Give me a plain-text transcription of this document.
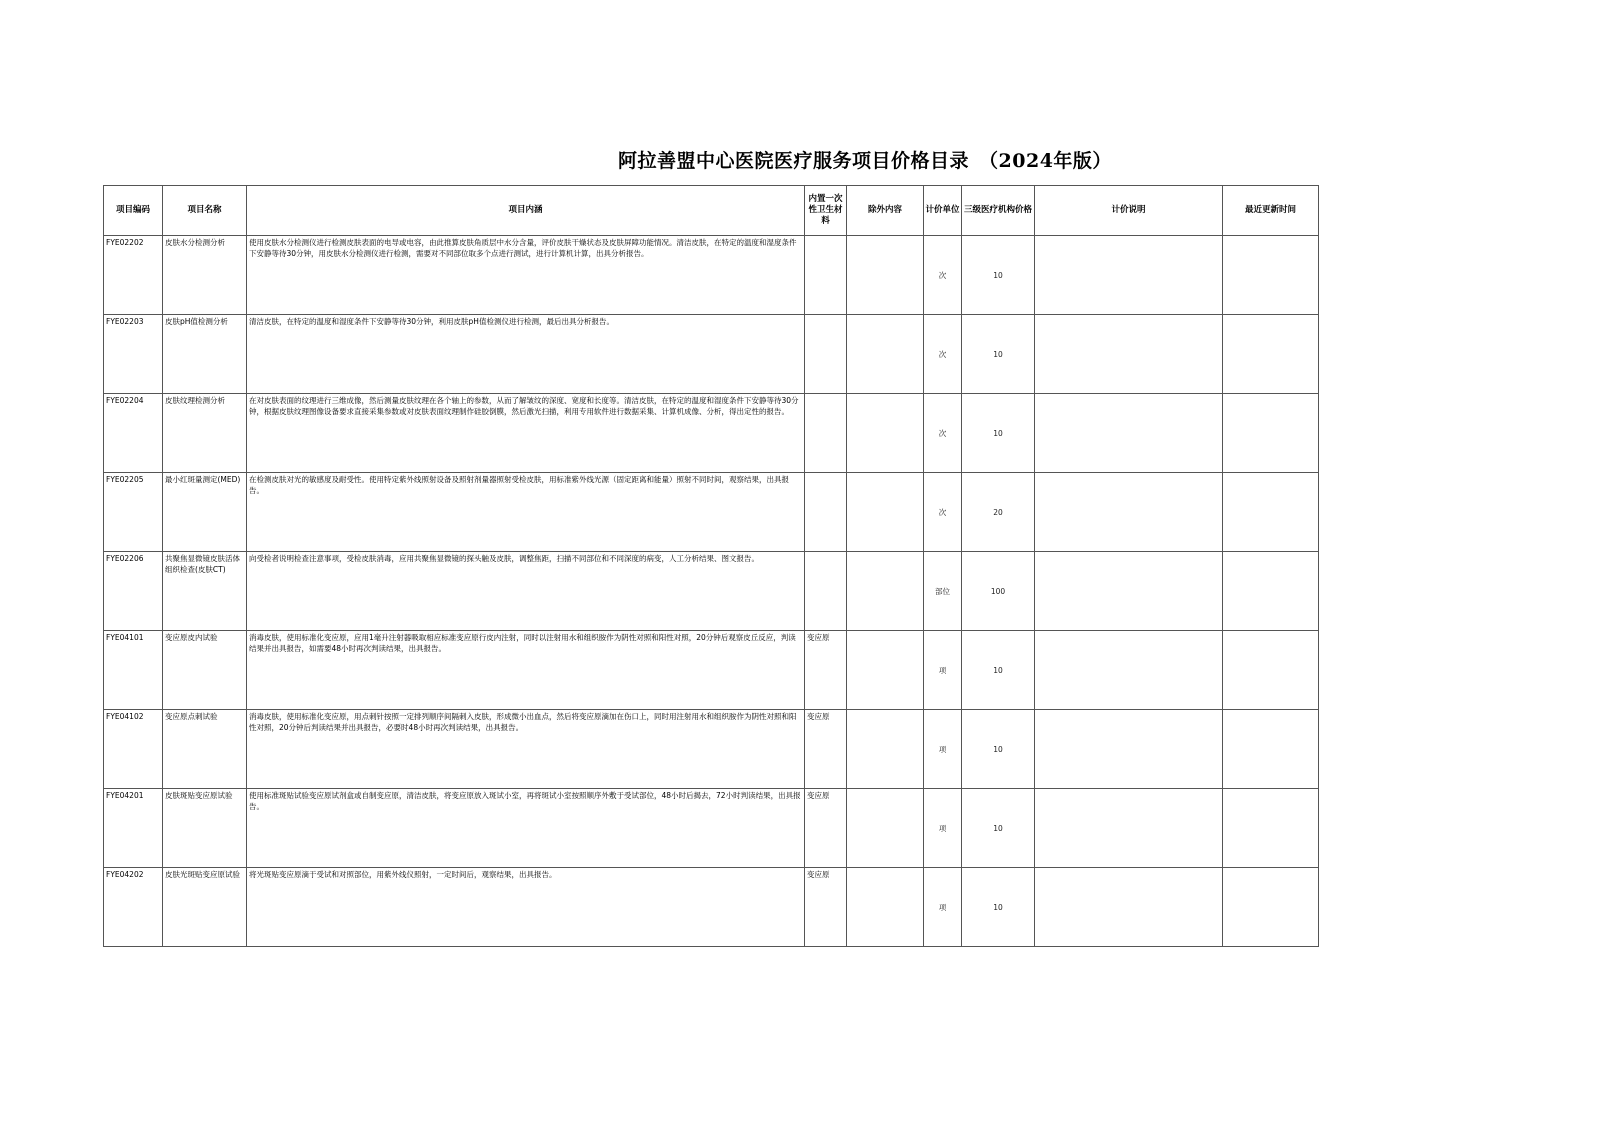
阿拉善盟中心医院医疗服务项目价格目录　（2024年版）
项目编码	项目名称	项目内涵	内置一次性卫生材料	除外内容	计价单位	三级医疗机构价格	计价说明	最近更新时间
FYE02202	皮肤水分检测分析	使用皮肤水分检测仪进行检测皮肤表面的电导或电容，由此推算皮肤角质层中水分含量，评价皮肤干燥状态及皮肤屏障功能情况。清洁皮肤，在特定的温度和湿度条件下安静等待30分钟，用皮肤水分检测仪进行检测，需要对不同部位取多个点进行测试，进行计算机计算，出具分析报告。			次	10		
FYE02203	皮肤pH值检测分析	清洁皮肤，在特定的温度和湿度条件下安静等待30分钟，利用皮肤pH值检测仪进行检测，最后出具分析报告。			次	10		
FYE02204	皮肤纹理检测分析	在对皮肤表面的纹理进行三维成像，然后测量皮肤纹理在各个轴上的参数，从而了解皱纹的深度、宽度和长度等。清洁皮肤，在特定的温度和湿度条件下安静等待30分钟，根据皮肤纹理图像设备要求直接采集参数或对皮肤表面纹理制作硅胶倒膜，然后激光扫描，利用专用软件进行数据采集、计算机成像、分析，得出定性的报告。			次	10		
FYE02205	最小红斑量测定(MED)	在检测皮肤对光的敏感度及耐受性。使用特定紫外线照射设备及照射剂量器照射受检皮肤，用标准紫外线光源（固定距离和能量）照射不同时间，观察结果，出具报告。			次	20		
FYE02206	共聚焦显微镜皮肤活体组织检查(皮肤CT)	向受检者说明检查注意事项，受检皮肤消毒，应用共聚焦显微镜的探头触及皮肤，调整焦距，扫描不同部位和不同深度的病变，人工分析结果、图文报告。			部位	100		
FYE04101	变应原皮内试验	消毒皮肤，使用标准化变应原，应用1毫升注射器吸取相应标准变应原行皮内注射，同时以注射用水和组织胺作为阴性对照和阳性对照，20分钟后观察皮丘反应，判读结果并出具报告，如需要48小时再次判读结果，出具报告。	变应原		项	10		
FYE04102	变应原点刺试验	消毒皮肤，使用标准化变应原，用点刺针按照一定排列顺序间隔刺入皮肤，形成微小出血点，然后将变应原滴加在伤口上，同时用注射用水和组织胺作为阴性对照和阳性对照，20分钟后判读结果并出具报告，必要时48小时再次判读结果，出具报告。	变应原		项	10		
FYE04201	皮肤斑贴变应原试验	使用标准斑贴试验变应原试剂盒或自制变应原，清洁皮肤，将变应原放入斑试小室，再将斑试小室按照顺序外敷于受试部位，48小时后揭去，72小时判读结果，出具报告。	变应原		项	10		
FYE04202	皮肤光斑贴变应原试验	将光斑贴变应原滴于受试和对照部位，用紫外线仪照射，一定时间后，观察结果，出具报告。	变应原		项	10		
